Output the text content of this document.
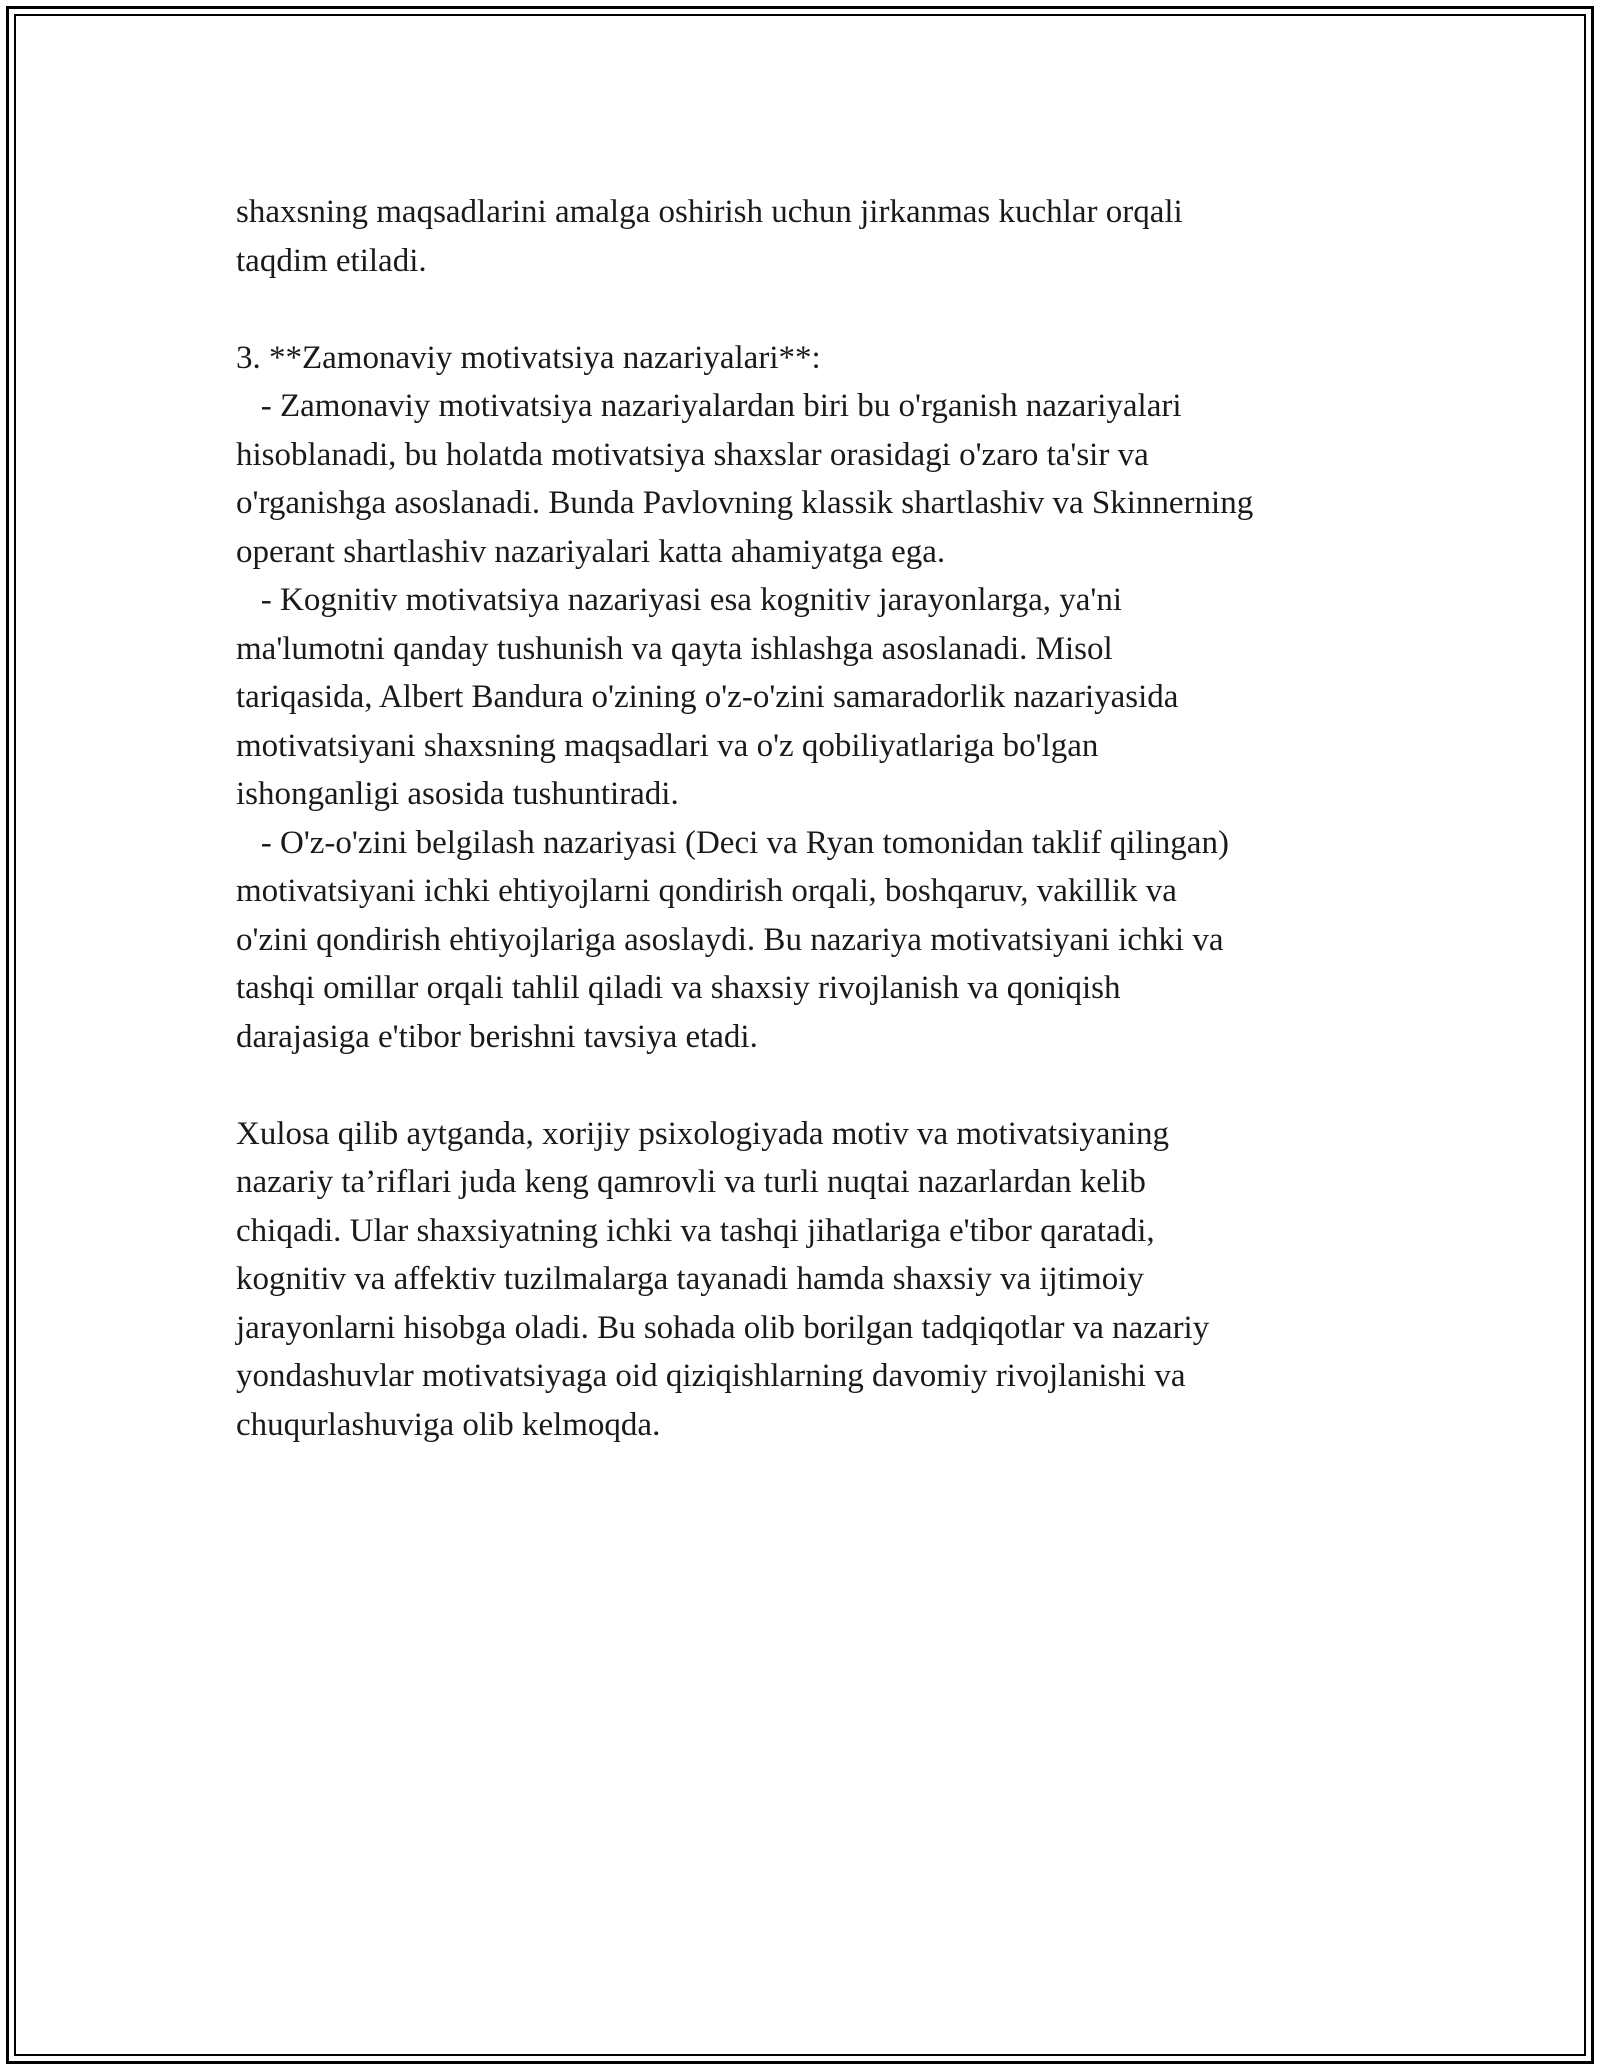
shaxsning maqsadlarini amalga oshirish uchun jirkanmas kuchlar orqali
taqdim etiladi.
3. **Zamonaviy motivatsiya nazariyalari**:
- Zamonaviy motivatsiya nazariyalardan biri bu o'rganish nazariyalari
hisoblanadi, bu holatda motivatsiya shaxslar orasidagi o'zaro ta'sir va
o'rganishga asoslanadi. Bunda Pavlovning klassik shartlashiv va Skinnerning
operant shartlashiv nazariyalari katta ahamiyatga ega.
- Kognitiv motivatsiya nazariyasi esa kognitiv jarayonlarga, ya'ni
ma'lumotni qanday tushunish va qayta ishlashga asoslanadi. Misol
tariqasida, Albert Bandura o'zining o'z-o'zini samaradorlik nazariyasida
motivatsiyani shaxsning maqsadlari va o'z qobiliyatlariga bo'lgan
ishonganligi asosida tushuntiradi.
- O'z-o'zini belgilash nazariyasi (Deci va Ryan tomonidan taklif qilingan)
motivatsiyani ichki ehtiyojlarni qondirish orqali, boshqaruv, vakillik va
o'zini qondirish ehtiyojlariga asoslaydi. Bu nazariya motivatsiyani ichki va
tashqi omillar orqali tahlil qiladi va shaxsiy rivojlanish va qoniqish
darajasiga e'tibor berishni tavsiya etadi.
Xulosa qilib aytganda, xorijiy psixologiyada motiv va motivatsiyaning
nazariy ta’riflari juda keng qamrovli va turli nuqtai nazarlardan kelib
chiqadi. Ular shaxsiyatning ichki va tashqi jihatlariga e'tibor qaratadi,
kognitiv va affektiv tuzilmalarga tayanadi hamda shaxsiy va ijtimoiy
jarayonlarni hisobga oladi. Bu sohada olib borilgan tadqiqotlar va nazariy
yondashuvlar motivatsiyaga oid qiziqishlarning davomiy rivojlanishi va
chuqurlashuviga olib kelmoqda.
